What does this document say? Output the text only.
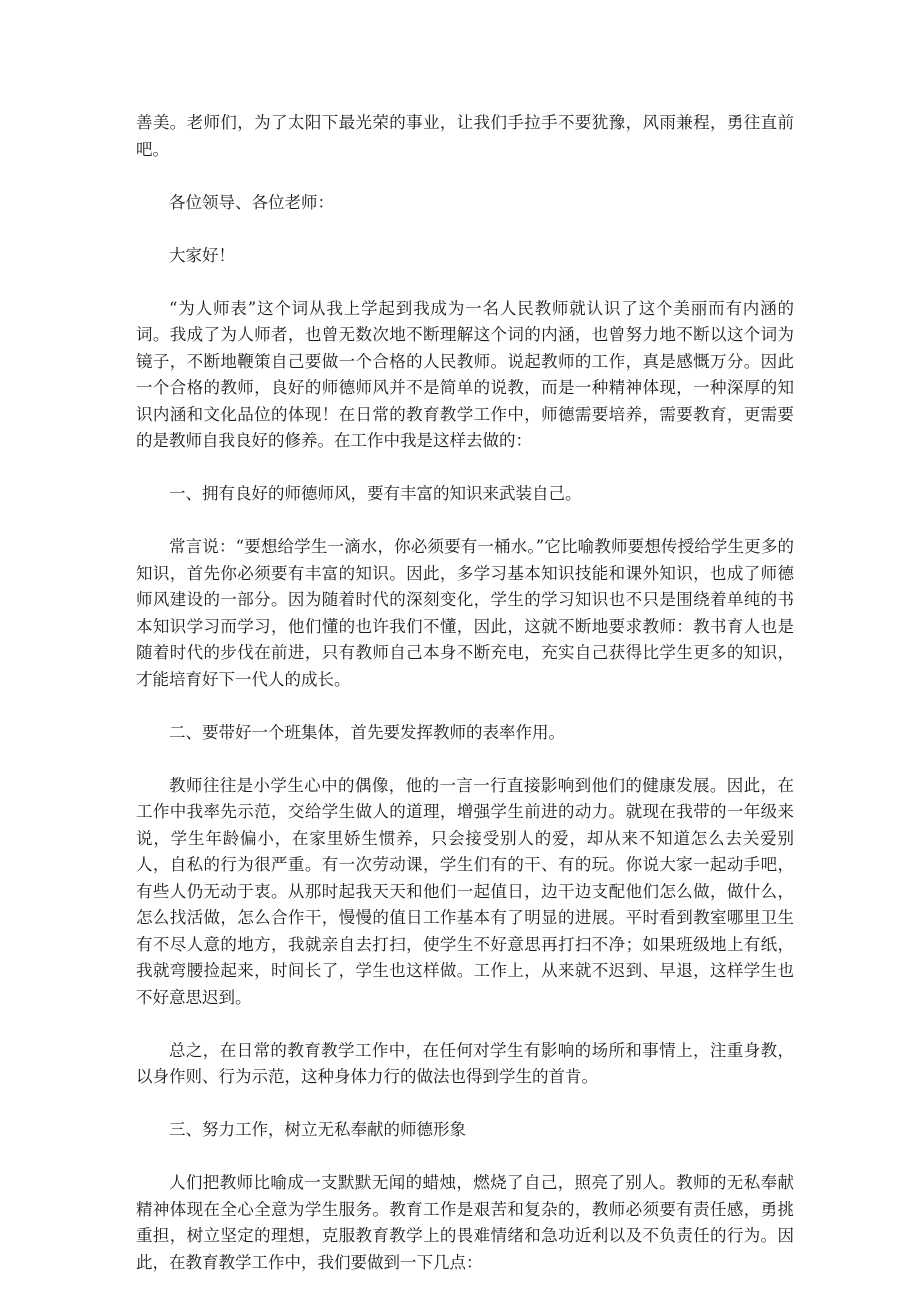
善美。老师们，为了太阳下最光荣的事业，让我们手拉手不要犹豫，风雨兼程，勇往直前吧。

各位领导、各位老师：

大家好！

“为人师表”这个词从我上学起到我成为一名人民教师就认识了这个美丽而有内涵的词。我成了为人师者，也曾无数次地不断理解这个词的内涵，也曾努力地不断以这个词为镜子，不断地鞭策自己要做一个合格的人民教师。说起教师的工作，真是感慨万分。因此一个合格的教师，良好的师德师风并不是简单的说教，而是一种精神体现，一种深厚的知识内涵和文化品位的体现！在日常的教育教学工作中，师德需要培养，需要教育，更需要的是教师自我良好的修养。在工作中我是这样去做的：

一、拥有良好的师德师风，要有丰富的知识来武装自己。

常言说：“要想给学生一滴水，你必须要有一桶水。”它比喻教师要想传授给学生更多的知识，首先你必须要有丰富的知识。因此，多学习基本知识技能和课外知识，也成了师德师风建设的一部分。因为随着时代的深刻变化，学生的学习知识也不只是围绕着单纯的书本知识学习而学习，他们懂的也许我们不懂，因此，这就不断地要求教师：教书育人也是随着时代的步伐在前进，只有教师自己本身不断充电，充实自己获得比学生更多的知识，才能培育好下一代人的成长。

二、要带好一个班集体，首先要发挥教师的表率作用。

教师往往是小学生心中的偶像，他的一言一行直接影响到他们的健康发展。因此，在工作中我率先示范，交给学生做人的道理，增强学生前进的动力。就现在我带的一年级来说，学生年龄偏小，在家里娇生惯养，只会接受别人的爱，却从来不知道怎么去关爱别人，自私的行为很严重。有一次劳动课，学生们有的干、有的玩。你说大家一起动手吧，有些人仍无动于衷。从那时起我天天和他们一起值日，边干边支配他们怎么做，做什么，怎么找活做，怎么合作干，慢慢的值日工作基本有了明显的进展。平时看到教室哪里卫生有不尽人意的地方，我就亲自去打扫，使学生不好意思再打扫不净；如果班级地上有纸，我就弯腰捡起来，时间长了，学生也这样做。工作上，从来就不迟到、早退，这样学生也不好意思迟到。

总之，在日常的教育教学工作中，在任何对学生有影响的场所和事情上，注重身教，以身作则、行为示范，这种身体力行的做法也得到学生的首肯。

三、努力工作，树立无私奉献的师德形象

人们把教师比喻成一支默默无闻的蜡烛，燃烧了自己，照亮了别人。教师的无私奉献精神体现在全心全意为学生服务。教育工作是艰苦和复杂的，教师必须要有责任感，勇挑重担，树立坚定的理想，克服教育教学上的畏难情绪和急功近利以及不负责任的行为。因此，在教育教学工作中，我们要做到一下几点：
